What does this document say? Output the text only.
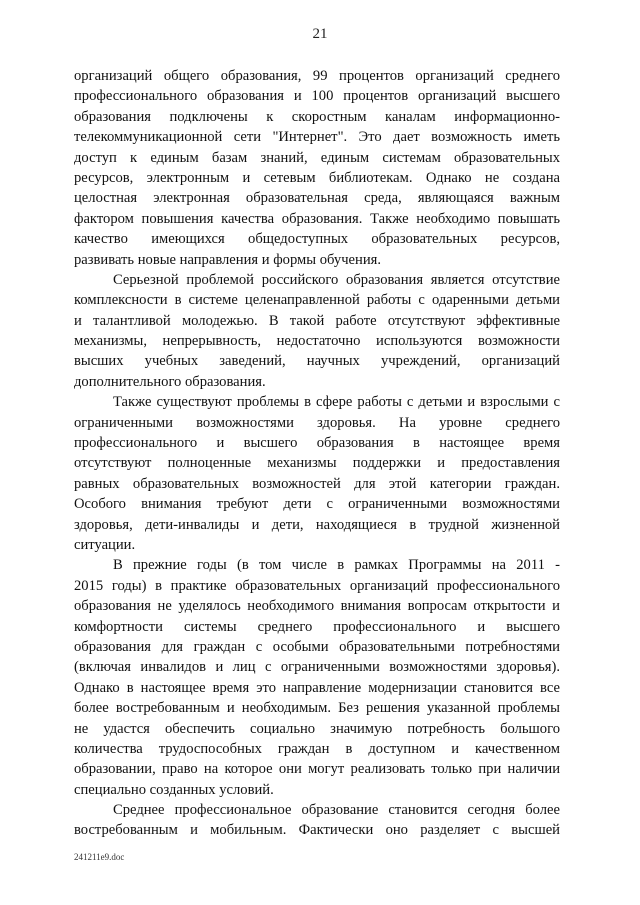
21
организаций общего образования, 99 процентов организаций среднего
профессионального образования и 100 процентов организаций высшего
образования подключены к скоростным каналам информационно-
телекоммуникационной сети "Интернет". Это дает возможность иметь
доступ к единым базам знаний, единым системам образовательных
ресурсов, электронным и сетевым библиотекам. Однако не создана
целостная электронная образовательная среда, являющаяся важным
фактором повышения качества образования. Также необходимо повышать
качество имеющихся общедоступных образовательных ресурсов,
развивать новые направления и формы обучения.
Серьезной проблемой российского образования является отсутствие
комплексности в системе целенаправленной работы с одаренными детьми
и талантливой молодежью. В такой работе отсутствуют эффективные
механизмы, непрерывность, недостаточно используются возможности
высших учебных заведений, научных учреждений, организаций
дополнительного образования.
Также существуют проблемы в сфере работы с детьми и взрослыми с
ограниченными возможностями здоровья. На уровне среднего
профессионального и высшего образования в настоящее время
отсутствуют полноценные механизмы поддержки и предоставления
равных образовательных возможностей для этой категории граждан.
Особого внимания требуют дети с ограниченными возможностями
здоровья, дети-инвалиды и дети, находящиеся в трудной жизненной
ситуации.
В прежние годы (в том числе в рамках Программы на 2011 -
2015 годы) в практике образовательных организаций профессионального
образования не уделялось необходимого внимания вопросам открытости и
комфортности системы среднего профессионального и высшего
образования для граждан с особыми образовательными потребностями
(включая инвалидов и лиц с ограниченными возможностями здоровья).
Однако в настоящее время это направление модернизации становится все
более востребованным и необходимым. Без решения указанной проблемы
не удастся обеспечить социально значимую потребность большого
количества трудоспособных граждан в доступном и качественном
образовании, право на которое они могут реализовать только при наличии
специально созданных условий.
Среднее профессиональное образование становится сегодня более
востребованным и мобильным. Фактически оно разделяет с высшей
241211e9.doc
